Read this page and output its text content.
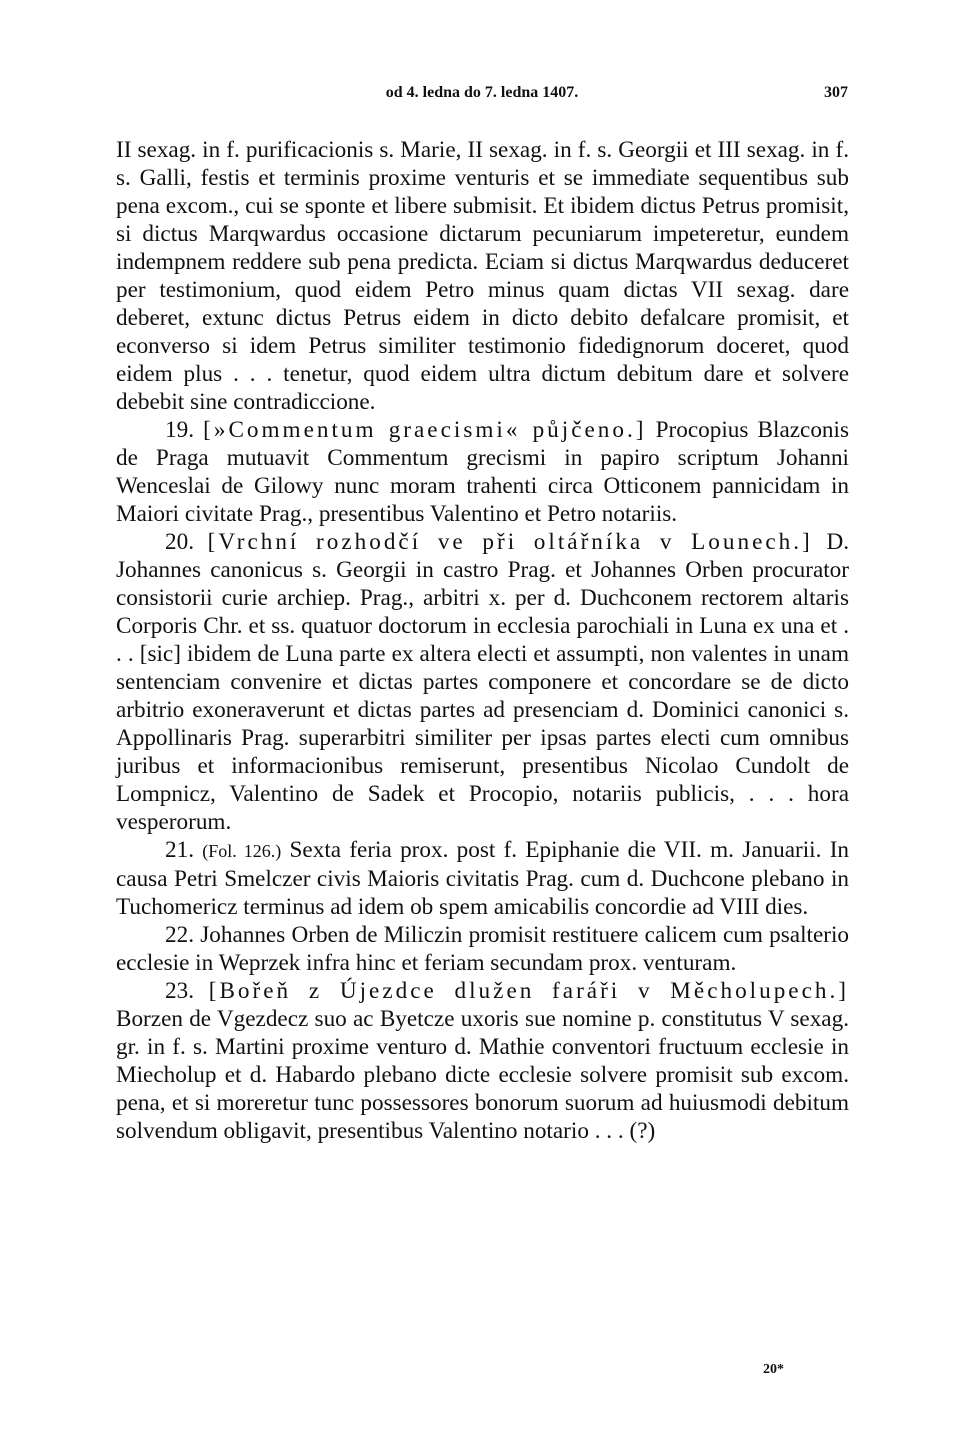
od 4. ledna do 7. ledna 1407.	307

II sexag. in f. purificacionis s. Marie, II sexag. in f. s. Georgii et III sexag. in f. s. Galli, festis et terminis proxime venturis et se immediate sequentibus sub pena excom., cui se sponte et libere submisit. Et ibidem dictus Petrus promisit, si dictus Marqwardus occasione dictarum pecuniarum impeteretur, eundem indempnem reddere sub pena predicta. Eciam si dictus Marqwardus deduceret per testimonium, quod eidem Petro minus quam dictas VII sexag. dare deberet, extunc dictus Petrus eidem in dicto debito defalcare promisit, et econverso si idem Petrus similiter testimonio fidedignorum doceret, quod eidem plus . . . tenetur, quod eidem ultra dictum debitum dare et solvere debebit sine contradiccione.

19. [»Commentum graecismi« půjčeno.] Procopius Blazconis de Praga mutuavit Commentum grecismi in papiro scriptum Johanni Wenceslai de Gilowy nunc moram trahenti circa Otticonem pannicidam in Maiori civitate Prag., presentibus Valentino et Petro notariis.

20. [Vrchní rozhodčí ve při oltářníka v Lounech.] D. Johannes canonicus s. Georgii in castro Prag. et Johannes Orben procurator consistorii curie archiep. Prag., arbitri x. per d. Duchconem rectorem altaris Corporis Chr. et ss. quatuor doctorum in ecclesia parochiali in Luna ex una et . . . [sic] ibidem de Luna parte ex altera electi et assumpti, non valentes in unam sentenciam convenire et dictas partes componere et concordare se de dicto arbitrio exoneraverunt et dictas partes ad presenciam d. Dominici canonici s. Appollinaris Prag. superarbitri similiter per ipsas partes electi cum omnibus juribus et informacionibus remiserunt, presentibus Nicolao Cundolt de Lompnicz, Valentino de Sadek et Procopio, notariis publicis, . . . hora vesperorum.

21. (Fol. 126.) Sexta feria prox. post f. Epiphanie die VII. m. Januarii. In causa Petri Smelczer civis Maioris civitatis Prag. cum d. Duchcone plebano in Tuchomericz terminus ad idem ob spem amicabilis concordie ad VIII dies.

22. Johannes Orben de Miliczin promisit restituere calicem cum psalterio ecclesie in Weprzek infra hinc et feriam secundam prox. venturam.

23. [Bořeň z Újezdce dlužen faráři v Měcholupech.] Borzen de Vgezdecz suo ac Byetcze uxoris sue nomine p. constitutus V sexag. gr. in f. s. Martini proxime venturo d. Mathie conventori fructuum ecclesie in Miecholup et d. Habardo plebano dicte ecclesie solvere promisit sub excom. pena, et si moreretur tunc possessores bonorum suorum ad huiusmodi debitum solvendum obligavit, presentibus Valentino notario . . . (?)

20*
